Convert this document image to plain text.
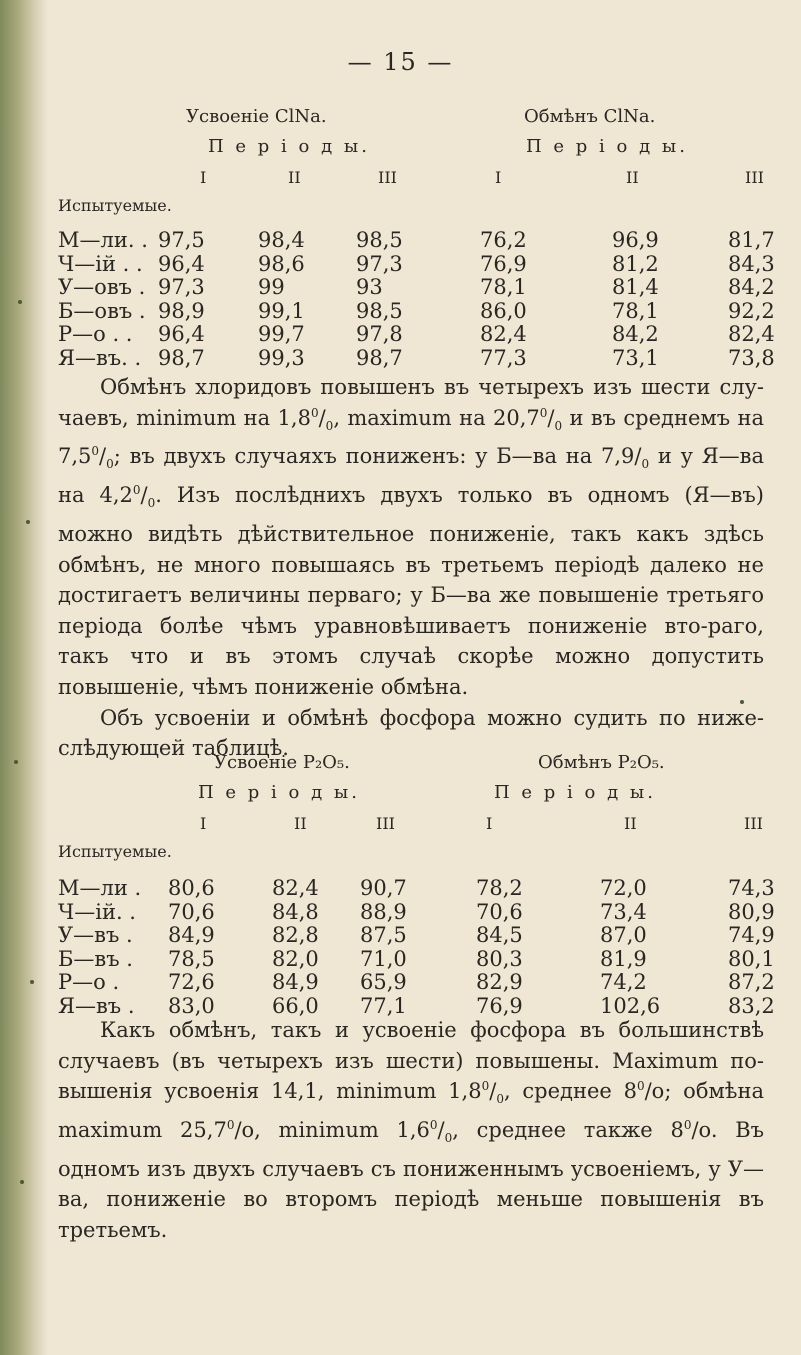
— 15 —
Усвоеніе ClNa.	Обмѣнъ ClNa.
П е р і о д ы.	П е р і о д ы.
I	II	III	I	II	III
Испытуемые.
М—ли. . 97,5	98,4 98,5	76,2	96,9	81,7
Ч—ій . . 96,4	98,6 97,3	76,9	81,2	84,3
У—овъ . 97,3	99	93	78,1	81,4	84,2
Б—овъ . 98,9	99,1 98,5	86,0	78,1	92,2
Р—о . . 96,4	99,7 97,8	82,4	84,2	82,4
Я—въ. . 98,7	99,3 98,7	77,3	73,1	73,8

Обмѣнъ хлоридовъ повышенъ въ четырехъ изъ шести слу-чаевъ, minimum на $1,8^0/_0$, maximum на $20,7^0/_0$ и въ среднемъ на $7,5^0/_0$; въ двухъ случаяхъ пониженъ: у Б—ва на $7,9/_0$ и у Я—ва на $4,2^0/_0$. Изъ послѣднихъ двухъ только въ одномъ (Я—въ) можно видѣть дѣйствительное пониженіе, такъ какъ здѣсь обмѣнъ, не много повышаясь въ третьемъ періодѣ далеко не достигаетъ величины перваго; у Б—ва же повышеніе третьяго періода болѣе чѣмъ уравновѣшиваетъ пониженіе вто-раго, такъ что и въ этомъ случаѣ скорѣе можно допустить повышеніе, чѣмъ пониженіе обмѣна.

Объ усвоеніи и обмѣнѣ фосфора можно судить по ниже-слѣдующей таблицѣ.

Усвоеніе P₂O₅.	Обмѣнъ P₂O₅.
П е р і о д ы.	П е р і о д ы.
I	II	III	I	II	III
Испытуемые.
М—ли . 80,6	82,4 90,7	78,2	72,0	74,3
Ч—ій. . 70,6	84,8 88,9	70,6	73,4	80,9
У—въ . 84,9	82,8 87,5	84,5	87,0	74,9
Б—въ . 78,5	82,0 71,0	80,3	81,9	80,1
Р—о . 72,6	84,9 65,9	82,9	74,2	87,2
Я—въ . 83,0	66,0 77,1	76,9	102,6	83,2

Какъ обмѣнъ, такъ и усвоеніе фосфора въ большинствѣ случаевъ (въ четырехъ изъ шести) повышены. Maximum по-вышенія усвоенія 14,1, minimum $1,8^0/_0$, среднее $8^0/o$; обмѣна maximum 25,7$^0$/o, minimum $1,6^0/_0$, среднее также $8^0/o$. Въ одномъ изъ двухъ случаевъ съ пониженнымъ усвоеніемъ, у У—ва, пониженіе во второмъ періодѣ меньше повышенія въ третьемъ.
